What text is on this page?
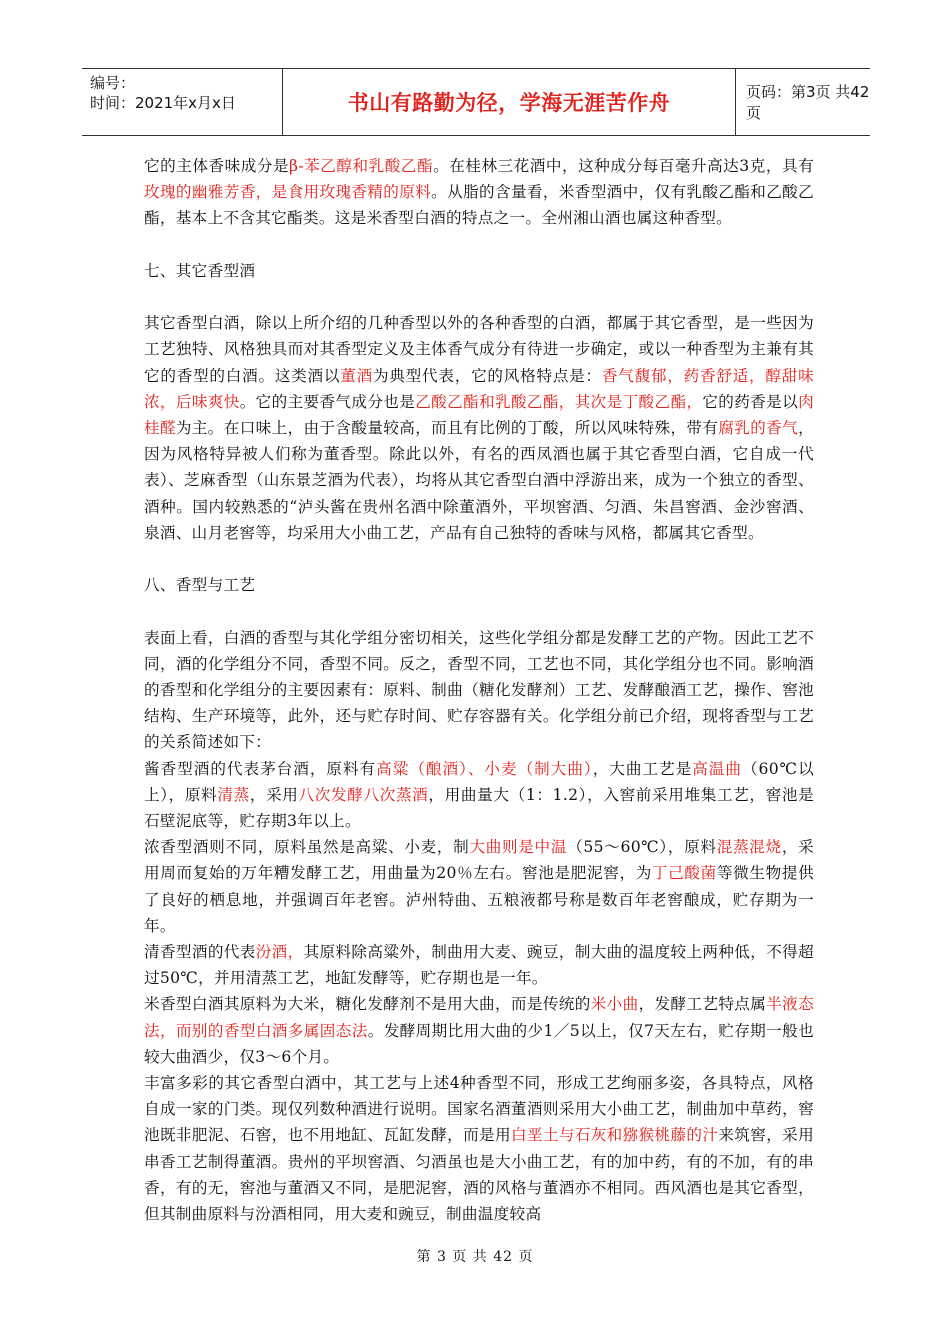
编号：
时间：2021年x月x日	书山有路勤为径，学海无涯苦作舟	页码：第3页 共42页

它的主体香味成分是β-苯乙醇和乳酸乙酯。在桂林三花酒中，这种成分每百毫升高达3克，具有玫瑰的幽雅芳香，是食用玫瑰香精的原料。从脂的含量看，米香型酒中，仅有乳酸乙酯和乙酸乙酯，基本上不含其它酯类。这是米香型白酒的特点之一。全州湘山酒也属这种香型。

七、其它香型酒

其它香型白酒，除以上所介绍的几种香型以外的各种香型的白酒，都属于其它香型，是一些因为工艺独特、风格独具而对其香型定义及主体香气成分有待进一步确定，或以一种香型为主兼有其它的香型的白酒。这类酒以董酒为典型代表，它的风格特点是：香气馥郁，药香舒适，醇甜味浓，后味爽快。它的主要香气成分也是乙酸乙酯和乳酸乙酯，其次是丁酸乙酯，它的药香是以肉桂醛为主。在口味上，由于含酸量较高，而且有比例的丁酸，所以风味特殊，带有腐乳的香气，因为风格特异被人们称为董香型。除此以外，有名的西凤酒也属于其它香型白酒，它自成一代表）、芝麻香型（山东景芝酒为代表），均将从其它香型白酒中浮游出来，成为一个独立的香型、酒种。国内较熟悉的“泸头酱在贵州名酒中除董酒外，平坝窖酒、匀酒、朱昌窖酒、金沙窖酒、泉酒、山月老窖等，均采用大小曲工艺，产品有自己独特的香味与风格，都属其它香型。

八、香型与工艺

表面上看，白酒的香型与其化学组分密切相关，这些化学组分都是发酵工艺的产物。因此工艺不同，酒的化学组分不同，香型不同。反之，香型不同，工艺也不同，其化学组分也不同。影响酒的香型和化学组分的主要因素有：原料、制曲（糖化发酵剂）工艺、发酵酿酒工艺，操作、窖池结构、生产环境等，此外，还与贮存时间、贮存容器有关。化学组分前已介绍，现将香型与工艺的关系简述如下：

酱香型酒的代表茅台酒，原料有高粱（酿酒）、小麦（制大曲），大曲工艺是高温曲（60℃以上），原料清蒸，采用八次发酵八次蒸酒，用曲量大（1：1.2），入窖前采用堆集工艺，窖池是石壁泥底等，贮存期3年以上。

浓香型酒则不同，原料虽然是高粱、小麦，制大曲则是中温（55～60℃），原料混蒸混烧，采用周而复始的万年糟发酵工艺，用曲量为20％左右。窖池是肥泥窖，为丁己酸菌等微生物提供了良好的栖息地，并强调百年老窖。泸州特曲、五粮液都号称是数百年老窖酿成，贮存期为一年。

清香型酒的代表汾酒，其原料除高粱外，制曲用大麦、豌豆，制大曲的温度较上两种低，不得超过50℃，并用清蒸工艺，地缸发酵等，贮存期也是一年。

米香型白酒其原料为大米，糖化发酵剂不是用大曲，而是传统的米小曲，发酵工艺特点属半液态法，而别的香型白酒多属固态法。发酵周期比用大曲的少1／5以上，仅7天左右，贮存期一般也较大曲酒少，仅3～6个月。

丰富多彩的其它香型白酒中，其工艺与上述4种香型不同，形成工艺绚丽多姿，各具特点，风格自成一家的门类。现仅列数种酒进行说明。国家名酒董酒则采用大小曲工艺，制曲加中草药，窖池既非肥泥、石窖，也不用地缸、瓦缸发酵，而是用白垩土与石灰和猕猴桃藤的汁来筑窖，采用串香工艺制得董酒。贵州的平坝窖酒、匀酒虽也是大小曲工艺，有的加中药，有的不加，有的串香，有的无，窖池与董酒又不同，是肥泥窖，酒的风格与董酒亦不相同。西风酒也是其它香型，但其制曲原料与汾酒相同，用大麦和豌豆，制曲温度较高

第 3 页 共 42 页
